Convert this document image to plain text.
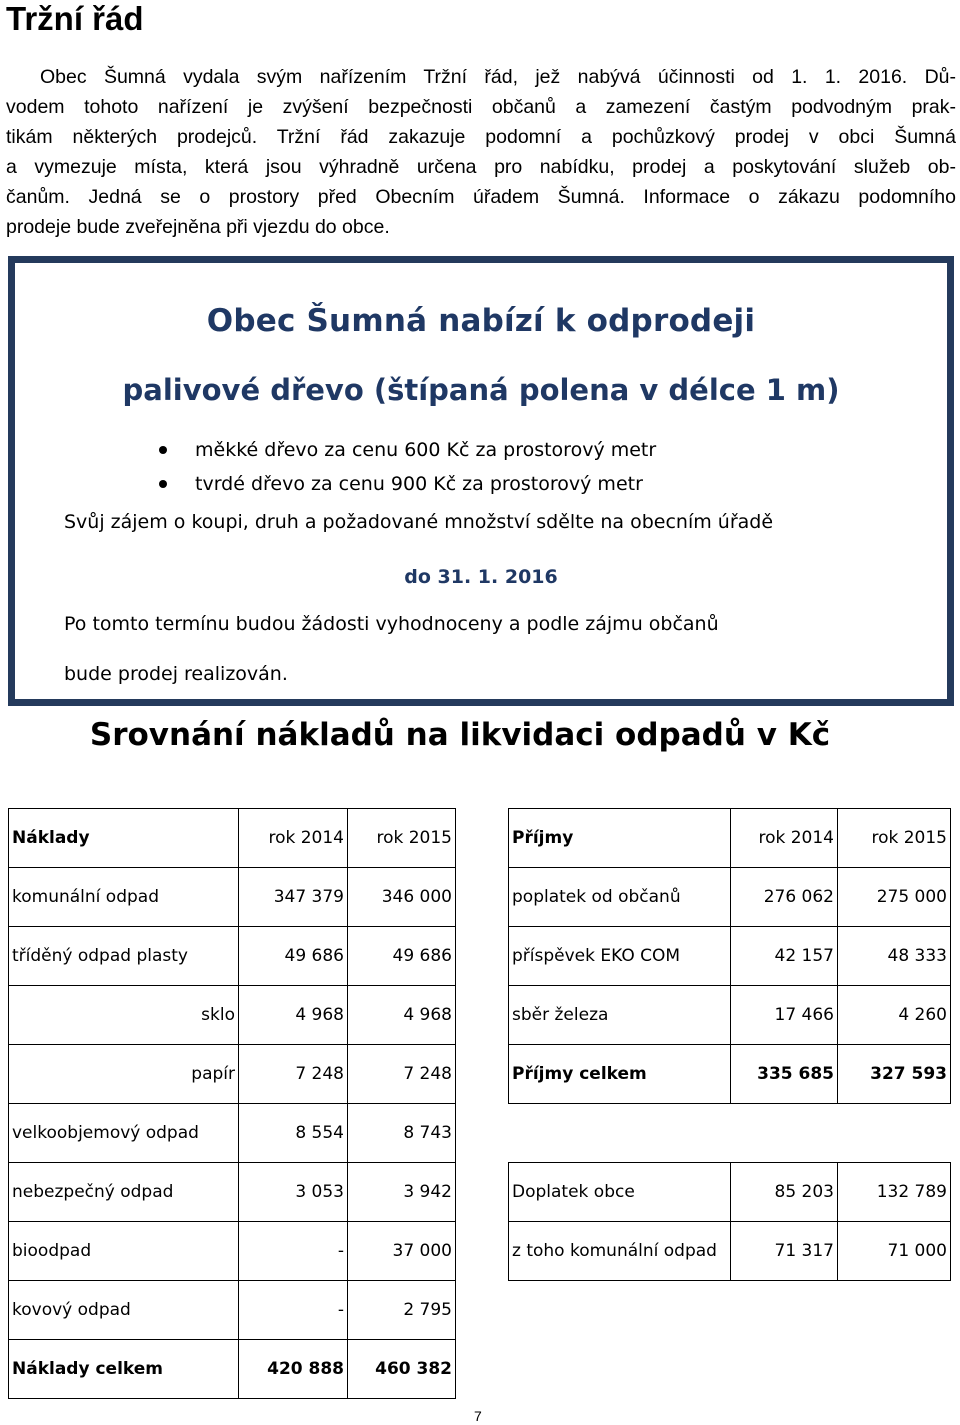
Tržní řád
Obec Šumná vydala svým nařízením Tržní řád, jež nabývá účinnosti od 1. 1. 2016. Dů-
vodem tohoto nařízení je zvýšení bezpečnosti občanů a zamezení častým podvodným prak-
tikám některých prodejců. Tržní řád zakazuje podomní a pochůzkový prodej v obci Šumná
a vymezuje místa, která jsou výhradně určena pro nabídku, prodej a poskytování služeb ob-
čanům. Jedná se o prostory před Obecním úřadem Šumná. Informace o zákazu podomního
prodeje bude zveřejněna při vjezdu do obce.
Obec Šumná nabízí k odprodeji
palivové dřevo (štípaná polena v délce 1 m)
měkké dřevo za cenu 600 Kč za prostorový metr
tvrdé dřevo za cenu 900 Kč za prostorový metr
Svůj zájem o koupi, druh a požadované množství sdělte na obecním úřadě
do 31. 1. 2016
Po tomto termínu budou žádosti vyhodnoceny a podle zájmu občanů
bude prodej realizován.
Srovnání nákladů na likvidaci odpadů v Kč
Náklady	rok 2014	rok 2015
komunální odpad	347 379	346 000
tříděný odpad plasty	49 686	49 686
sklo	4 968	4 968
papír	7 248	7 248
velkoobjemový odpad	8 554	8 743
nebezpečný odpad	3 053	3 942
bioodpad	-	37 000
kovový odpad	-	2 795
Náklady celkem	420 888	460 382
Příjmy	rok 2014	rok 2015
poplatek od občanů	276 062	275 000
příspěvek EKO COM	42 157	48 333
sběr železa	17 466	4 260
Příjmy celkem	335 685	327 593

Doplatek obce	85 203	132 789
z toho komunální odpad	71 317	71 000
7
